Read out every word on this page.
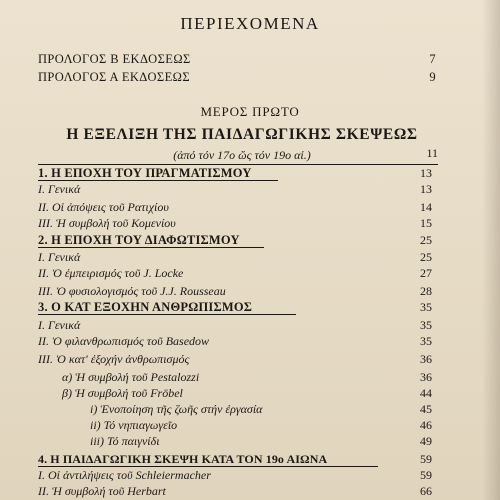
ΠΕΡΙΕΧΟΜΕΝΑ
ΠΡΟΛΟΓΟΣ Β ΕΚΔΟΣΕΩΣ	7
ΠΡΟΛΟΓΟΣ Α ΕΚΔΟΣΕΩΣ	9
ΜΕΡΟΣ ΠΡΩΤΟ
Η ΕΞΕΛΙΞΗ ΤΗΣ ΠΑΙΔΑΓΩΓΙΚΗΣ ΣΚΕΨΕΩΣ
(ἀπό τόν 17ο ὥς τόν 19ο αἰ.)	11
1. Η ΕΠΟΧΗ ΤΟΥ ΠΡΑΓΜΑΤΙΣΜΟΥ	13
Ι. Γενικά	13
ΙΙ. Οἱ ἀπόψεις τοῦ Ρατιχίου	14
ΙΙΙ. Ἡ συμβολή τοῦ Κομενίου	15
2. Η ΕΠΟΧΗ ΤΟΥ ΔΙΑΦΩΤΙΣΜΟΥ	25
Ι. Γενικά	25
ΙΙ. Ὁ ἐμπειρισμός τοῦ J. Locke	27
ΙΙΙ. Ὁ φυσιολογισμός τοῦ J.J. Rousseau	28
3. Ο ΚΑΤ ΕΞΟΧΗΝ ΑΝΘΡΩΠΙΣΜΟΣ	35
Ι. Γενικά	35
ΙΙ. Ὁ φιλανθρωπισμός τοῦ Basedow	35
ΙΙΙ. Ὁ κατ' ἐξοχήν ἀνθρωπισμός	36
α) Ἡ συμβολή τοῦ Pestalozzi	36
β) Ἡ συμβολή τοῦ Fröbel	44
i) Ἑνοποίηση τῆς ζωῆς στήν ἐργασία	45
ii) Τό νηπιαγωγεῖο	46
iii) Τό παιγνίδι	49
4. Η ΠΑΙΔΑΓΩΓΙΚΗ ΣΚΕΨΗ ΚΑΤΑ ΤΟΝ 19ο ΑΙΩΝΑ	59
Ι. Οἱ ἀντιλήψεις τοῦ Schleiermacher	59
ΙΙ. Ἡ συμβολή τοῦ Herbart	66
